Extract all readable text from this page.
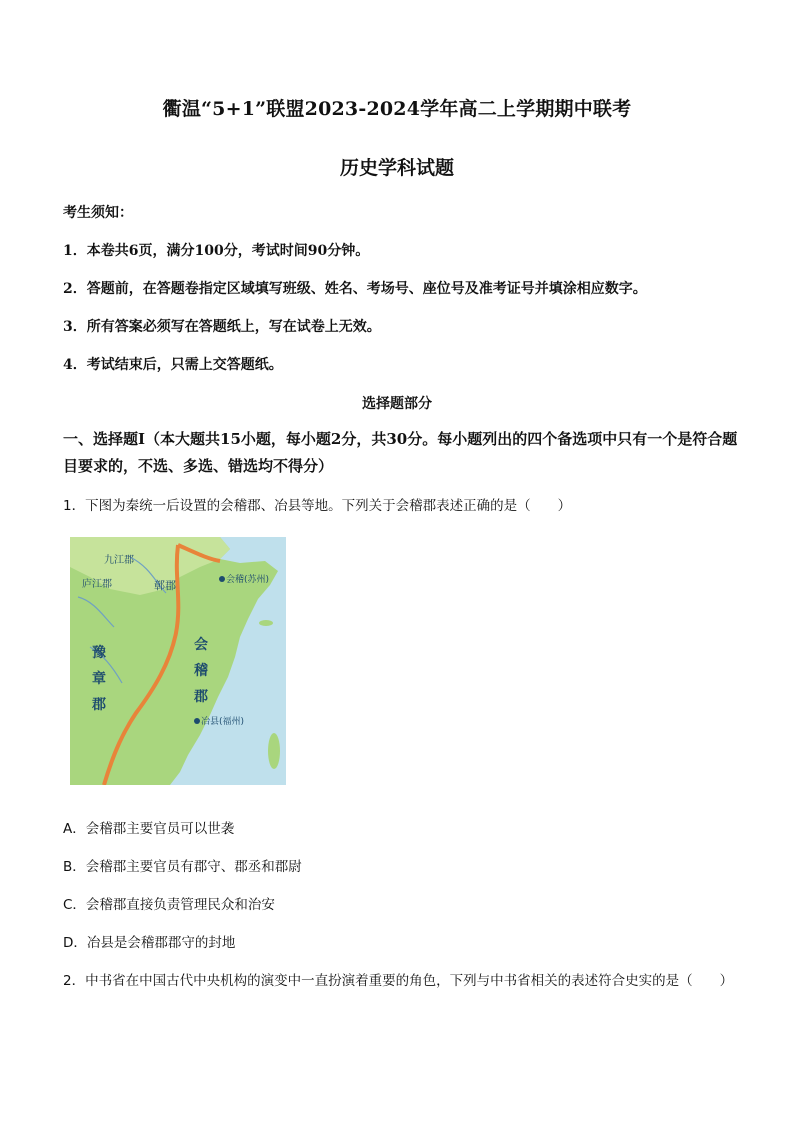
衢温“5+1”联盟2023-2024学年高二上学期期中联考
历史学科试题
考生须知：
1．本卷共6页，满分100分，考试时间90分钟。
2．答题前，在答题卷指定区域填写班级、姓名、考场号、座位号及准考证号并填涂相应数字。
3．所有答案必须写在答题纸上，写在试卷上无效。
4．考试结束后，只需上交答题纸。
选择题部分
一、选择题Ⅰ（本大题共15小题，每小题2分，共30分。每小题列出的四个备选项中只有一个是符合题目要求的，不选、多选、错选均不得分）
1．下图为秦统一后设置的会稽郡、冶县等地。下列关于会稽郡表述正确的是（　　）
九江郡
庐江郡	鄣郡	会稽(苏州)
会稽郡
豫章郡
冶县(福州)
A．会稽郡主要官员可以世袭
B．会稽郡主要官员有郡守、郡丞和郡尉
C．会稽郡直接负责管理民众和治安
D．冶县是会稽郡郡守的封地
2．中书省在中国古代中央机构的演变中一直扮演着重要的角色，下列与中书省相关的表述符合史实的是（　　）
